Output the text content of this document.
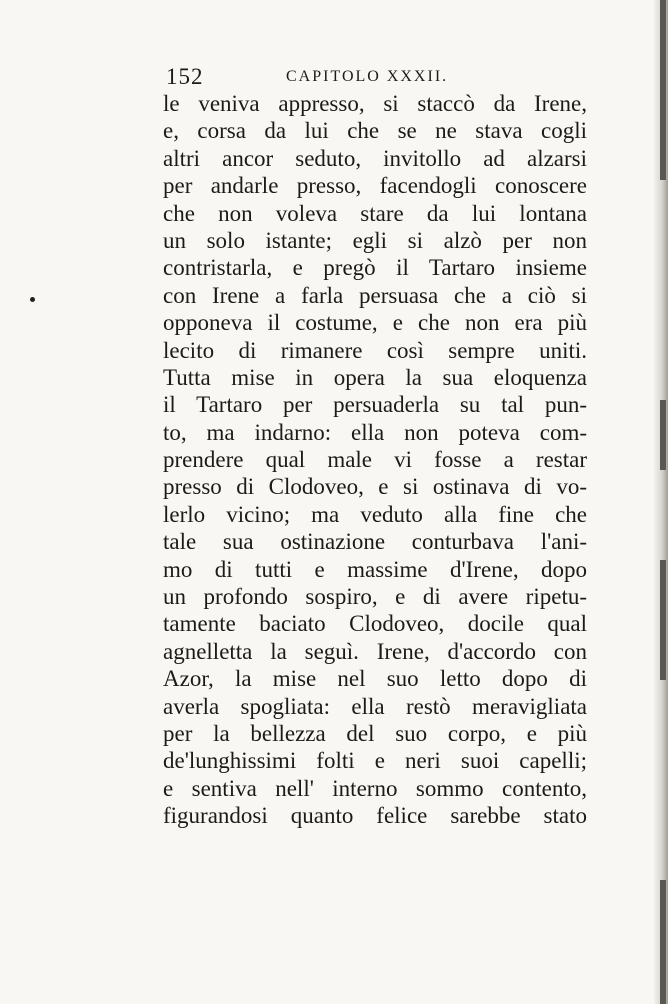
152	CAPITOLO XXXII.
le veniva appresso, si staccò da Irene,
e, corsa da lui che se ne stava cogli
altri ancor seduto, invitollo ad alzarsi
per andarle presso, facendogli conoscere
che non voleva stare da lui lontana
un solo istante; egli si alzò per non
contristarla, e pregò il Tartaro insieme
con Irene a farla persuasa che a ciò si
opponeva il costume, e che non era più
lecito di rimanere così sempre uniti.
Tutta mise in opera la sua eloquenza
il Tartaro per persuaderla su tal pun-
to, ma indarno: ella non poteva com-
prendere qual male vi fosse a restar
presso di Clodoveo, e si ostinava di vo-
lerlo vicino; ma veduto alla fine che
tale sua ostinazione conturbava l'ani-
mo di tutti e massime d'Irene, dopo
un profondo sospiro, e di avere ripetu-
tamente baciato Clodoveo, docile qual
agnelletta la seguì. Irene, d'accordo con
Azor, la mise nel suo letto dopo di
averla spogliata: ella restò meravigliata
per la bellezza del suo corpo, e più
de'lunghissimi folti e neri suoi capelli;
e sentiva nell' interno sommo contento,
figurandosi quanto felice sarebbe stato
